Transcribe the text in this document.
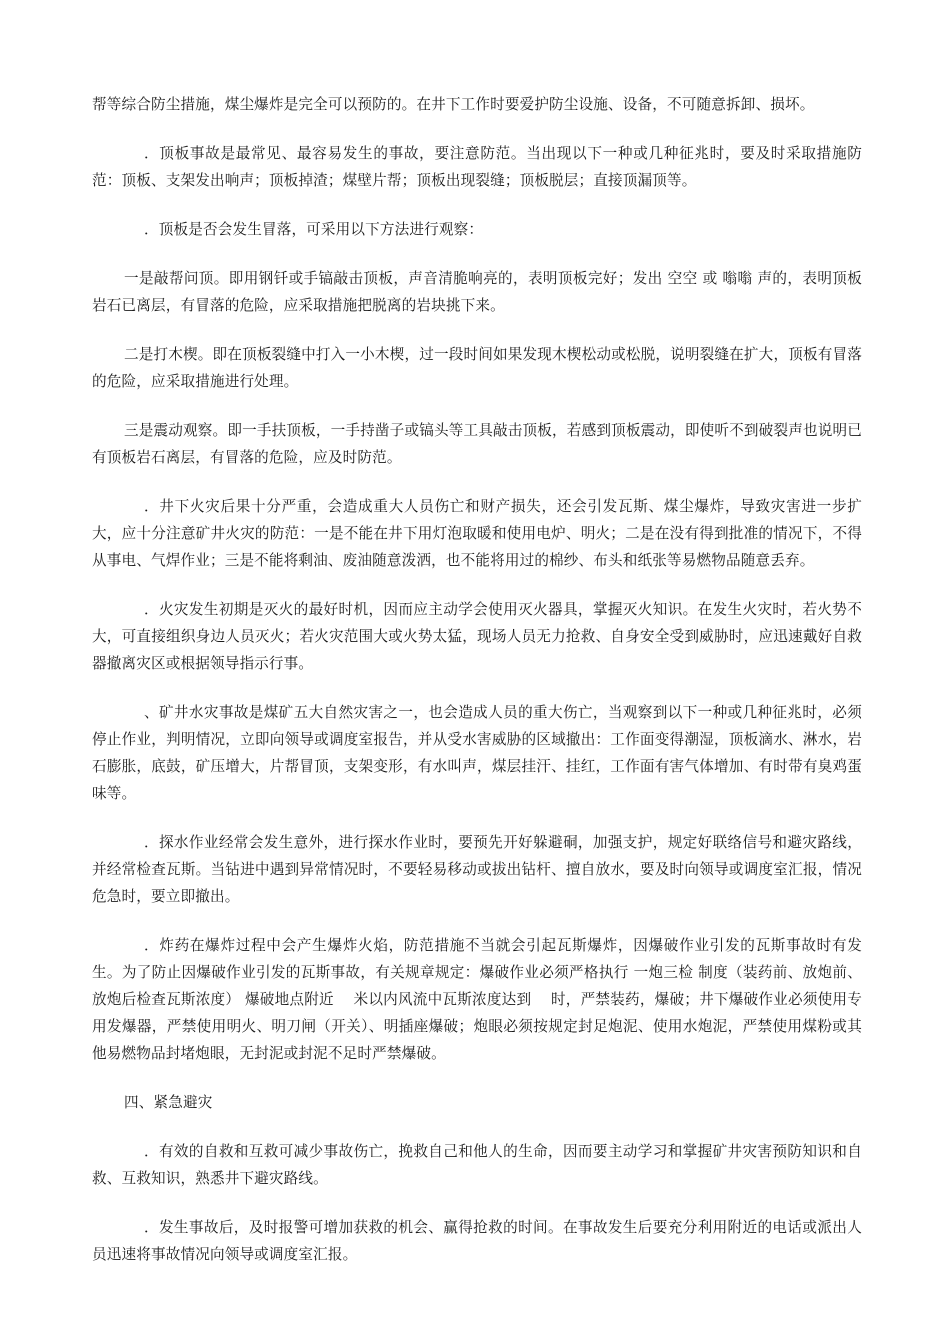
帮等综合防尘措施，煤尘爆炸是完全可以预防的。在井下工作时要爱护防尘设施、设备，不可随意拆卸、损坏。

．顶板事故是最常见、最容易发生的事故，要注意防范。当出现以下一种或几种征兆时，要及时采取措施防范：顶板、支架发出响声；顶板掉渣；煤壁片帮；顶板出现裂缝；顶板脱层；直接顶漏顶等。

．顶板是否会发生冒落，可采用以下方法进行观察：

一是敲帮问顶。即用钢钎或手镐敲击顶板，声音清脆响亮的，表明顶板完好；发出 空空 或 嗡嗡 声的，表明顶板岩石已离层，有冒落的危险，应采取措施把脱离的岩块挑下来。

二是打木楔。即在顶板裂缝中打入一小木楔，过一段时间如果发现木楔松动或松脱，说明裂缝在扩大，顶板有冒落的危险，应采取措施进行处理。

三是震动观察。即一手扶顶板，一手持凿子或镐头等工具敲击顶板，若感到顶板震动，即使听不到破裂声也说明已有顶板岩石离层，有冒落的危险，应及时防范。

．井下火灾后果十分严重，会造成重大人员伤亡和财产损失，还会引发瓦斯、煤尘爆炸，导致灾害进一步扩大，应十分注意矿井火灾的防范：一是不能在井下用灯泡取暖和使用电炉、明火；二是在没有得到批准的情况下，不得从事电、气焊作业；三是不能将剩油、废油随意泼洒，也不能将用过的棉纱、布头和纸张等易燃物品随意丢弃。

．火灾发生初期是灭火的最好时机，因而应主动学会使用灭火器具，掌握灭火知识。在发生火灾时，若火势不大，可直接组织身边人员灭火；若火灾范围大或火势太猛，现场人员无力抢救、自身安全受到威胁时，应迅速戴好自救器撤离灾区或根据领导指示行事。

、矿井水灾事故是煤矿五大自然灾害之一，也会造成人员的重大伤亡，当观察到以下一种或几种征兆时，必须停止作业，判明情况，立即向领导或调度室报告，并从受水害威胁的区域撤出：工作面变得潮湿，顶板滴水、淋水，岩石膨胀，底鼓，矿压增大，片帮冒顶，支架变形，有水叫声，煤层挂汗、挂红，工作面有害气体增加、有时带有臭鸡蛋味等。

．探水作业经常会发生意外，进行探水作业时，要预先开好躲避硐，加强支护，规定好联络信号和避灾路线，并经常检查瓦斯。当钻进中遇到异常情况时，不要轻易移动或拔出钻杆、擅自放水，要及时向领导或调度室汇报，情况危急时，要立即撤出。

．炸药在爆炸过程中会产生爆炸火焰，防范措施不当就会引起瓦斯爆炸，因爆破作业引发的瓦斯事故时有发生。为了防止因爆破作业引发的瓦斯事故，有关规章规定：爆破作业必须严格执行 一炮三检 制度（装药前、放炮前、放炮后检查瓦斯浓度） 爆破地点附近　 米以内风流中瓦斯浓度达到　 时，严禁装药，爆破；井下爆破作业必须使用专用发爆器，严禁使用明火、明刀闸（开关）、明插座爆破；炮眼必须按规定封足炮泥、使用水炮泥，严禁使用煤粉或其他易燃物品封堵炮眼，无封泥或封泥不足时严禁爆破。

四、紧急避灾

．有效的自救和互救可减少事故伤亡，挽救自己和他人的生命，因而要主动学习和掌握矿井灾害预防知识和自救、互救知识，熟悉井下避灾路线。

．发生事故后，及时报警可增加获救的机会、赢得抢救的时间。在事故发生后要充分利用附近的电话或派出人员迅速将事故情况向领导或调度室汇报。
